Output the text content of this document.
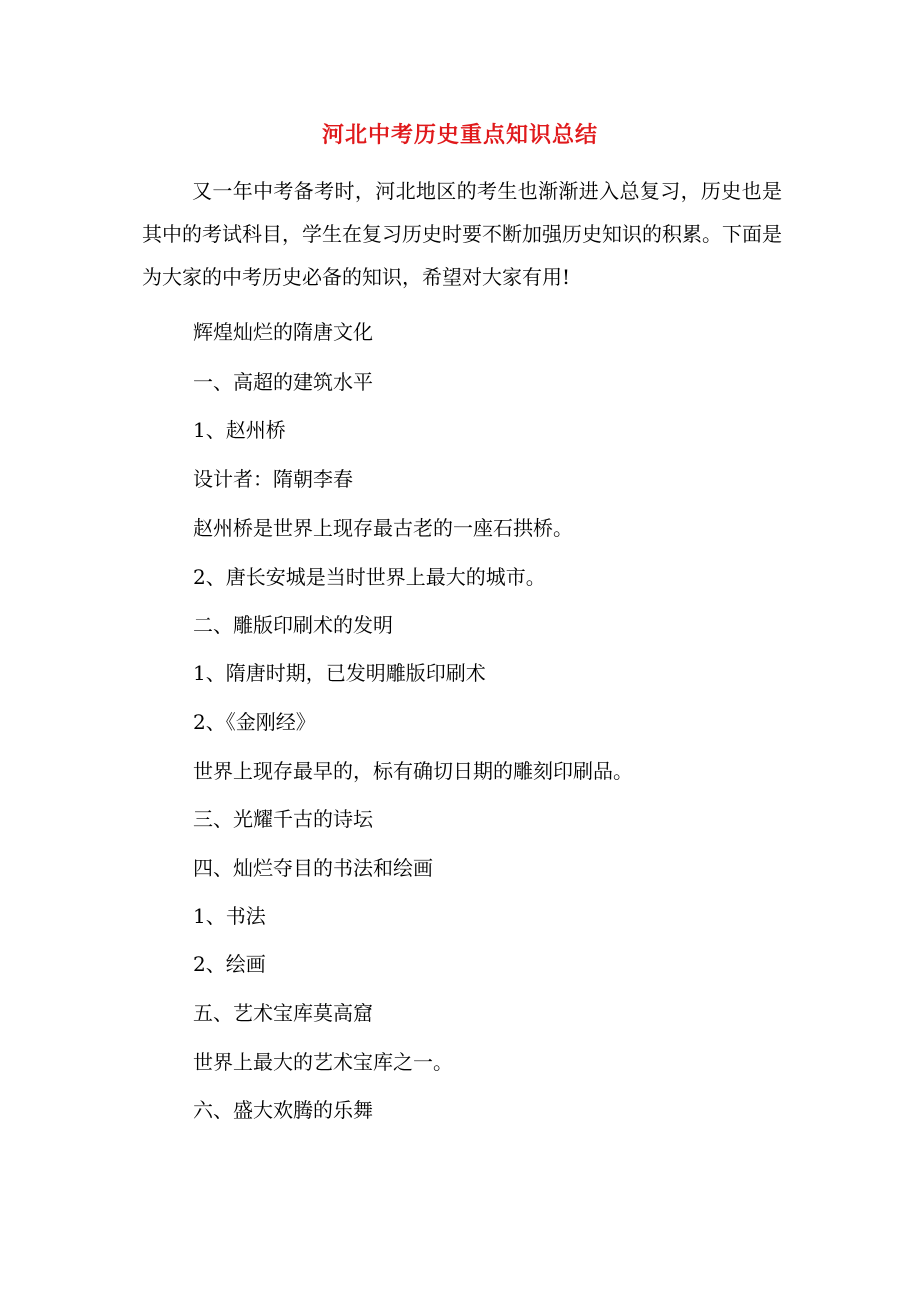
河北中考历史重点知识总结
又一年中考备考时，河北地区的考生也渐渐进入总复习，历史也是其中的考试科目，学生在复习历史时要不断加强历史知识的积累。下面是为大家的中考历史必备的知识，希望对大家有用!
辉煌灿烂的隋唐文化
一、高超的建筑水平
1、赵州桥
设计者：隋朝李春
赵州桥是世界上现存最古老的一座石拱桥。
2、唐长安城是当时世界上最大的城市。
二、雕版印刷术的发明
1、隋唐时期，已发明雕版印刷术
2、《金刚经》
世界上现存最早的，标有确切日期的雕刻印刷品。
三、光耀千古的诗坛
四、灿烂夺目的书法和绘画
1、书法
2、绘画
五、艺术宝库莫高窟
世界上最大的艺术宝库之一。
六、盛大欢腾的乐舞
